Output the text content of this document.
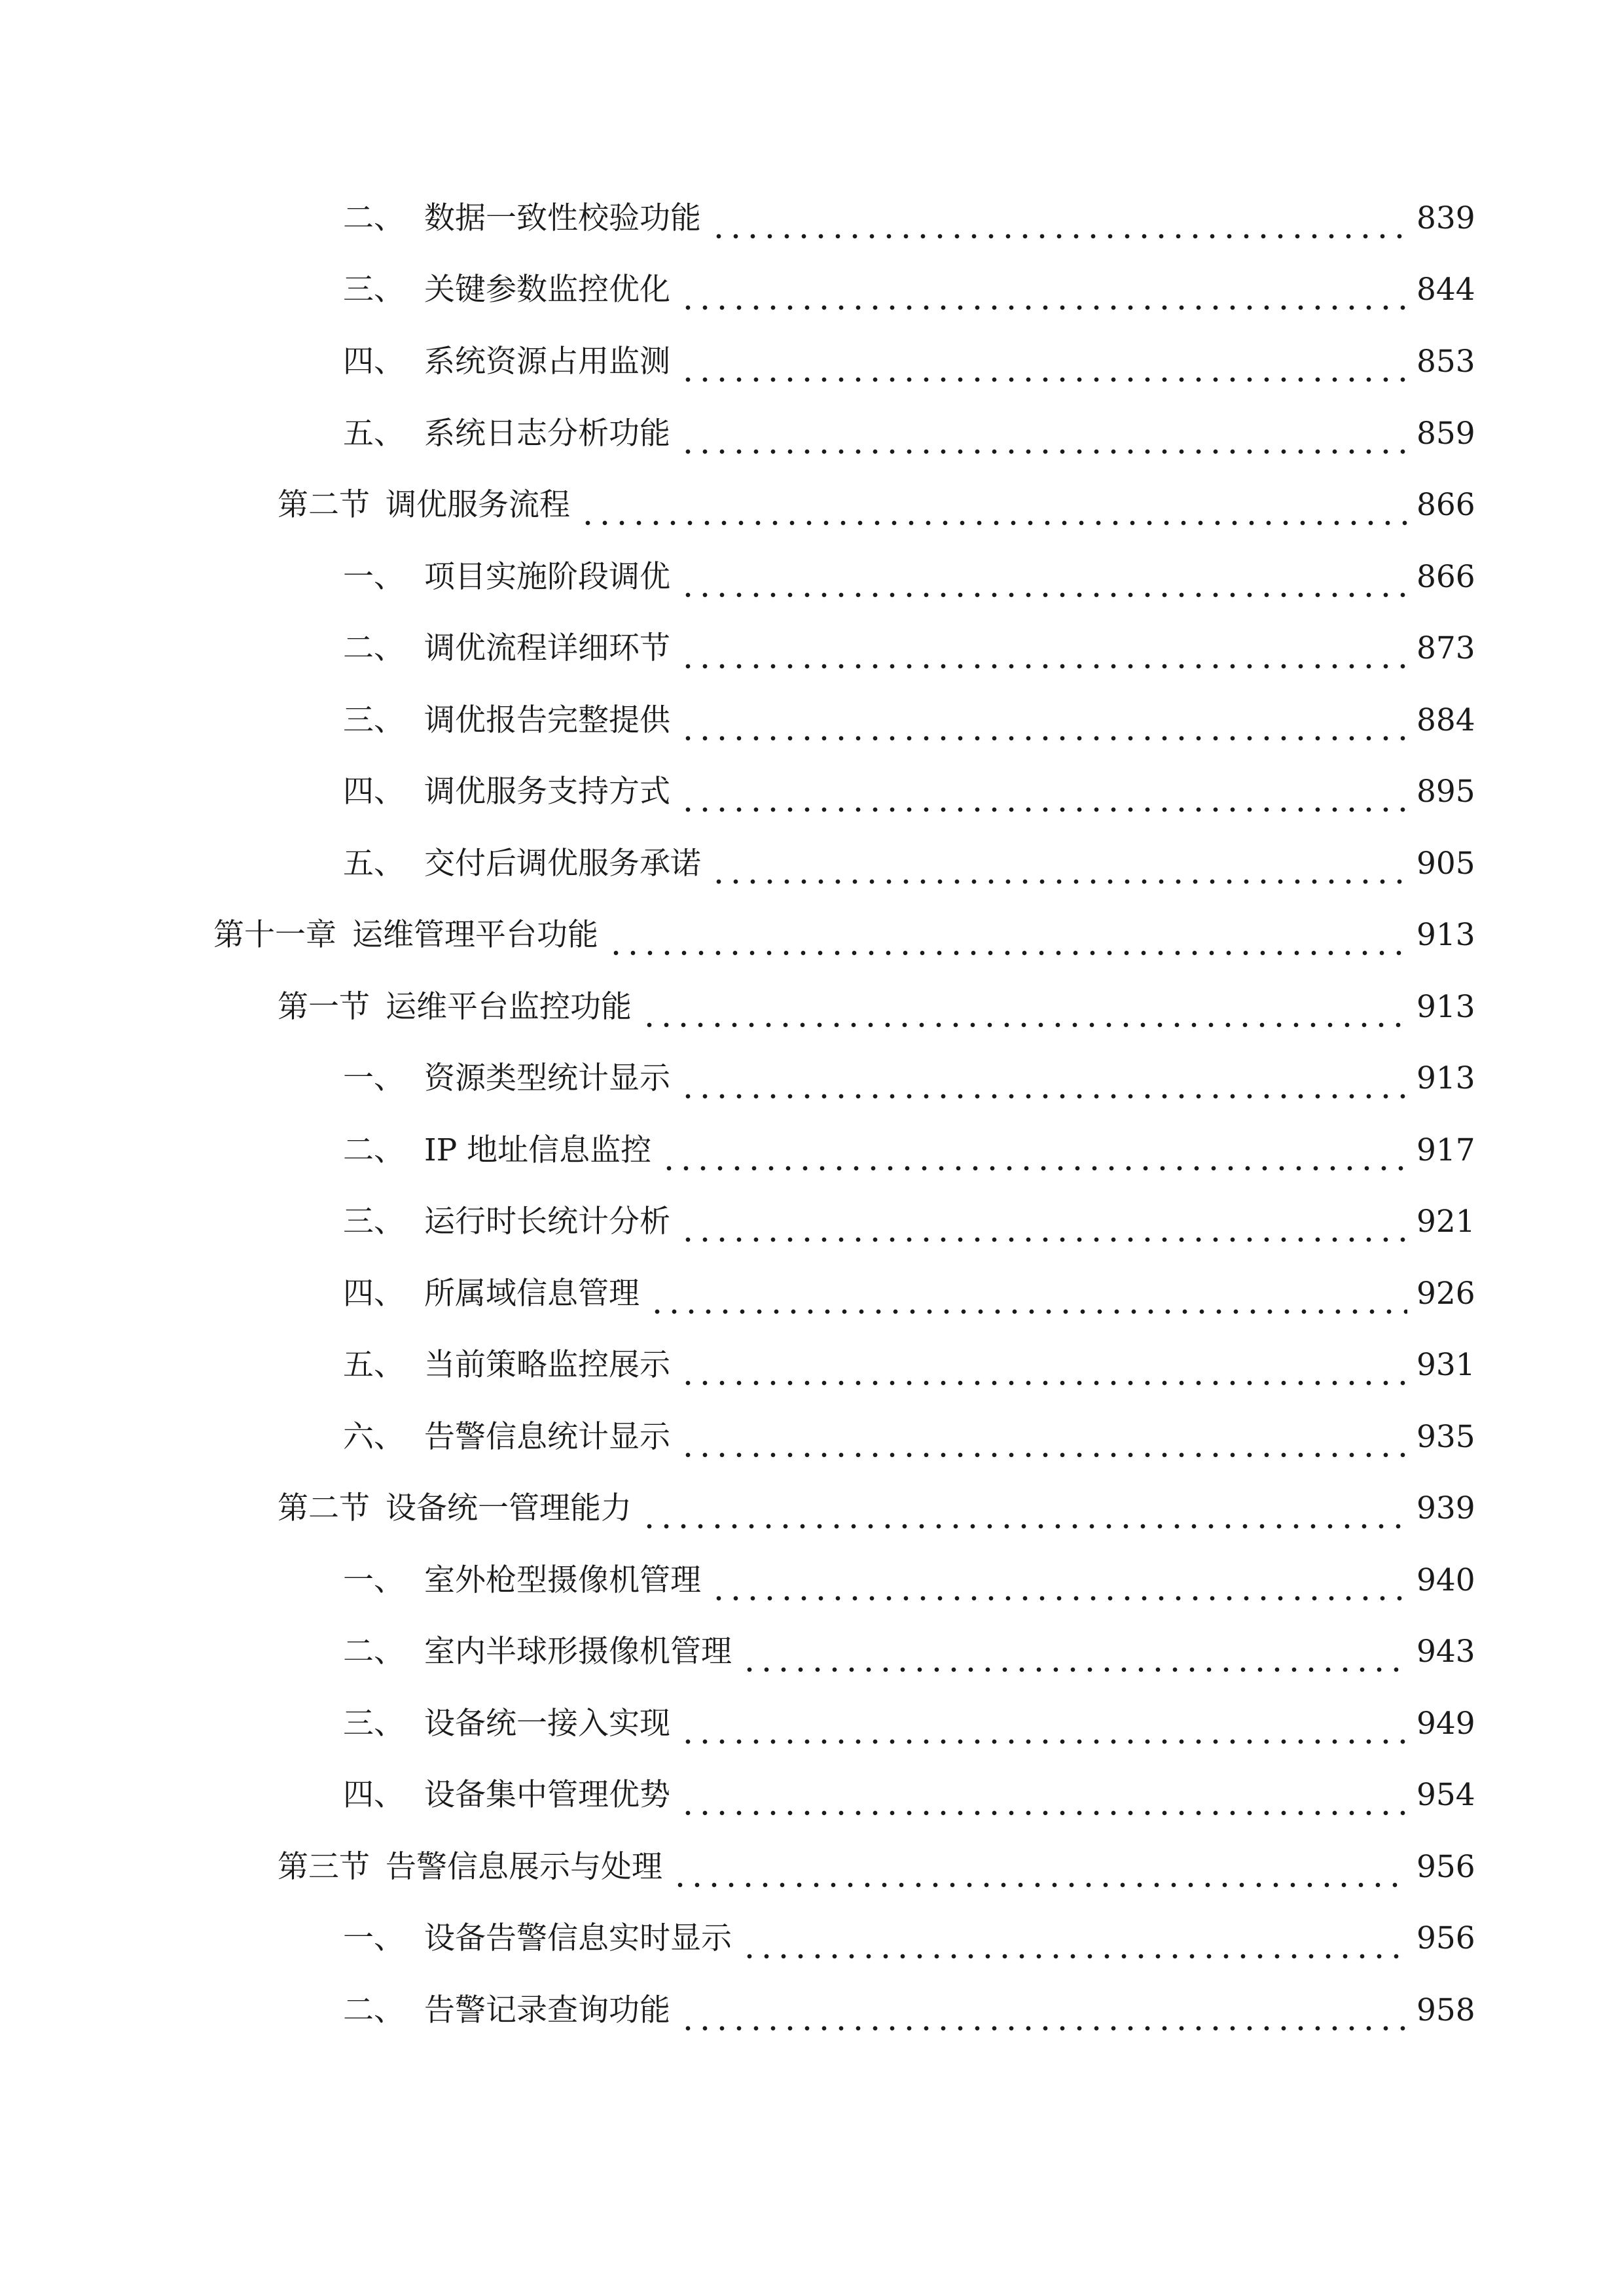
二、 数据一致性校验功能	839
三、 关键参数监控优化	844
四、 系统资源占用监测	853
五、 系统日志分析功能	859
第二节 调优服务流程	866
一、 项目实施阶段调优	866
二、 调优流程详细环节	873
三、 调优报告完整提供	884
四、 调优服务支持方式	895
五、 交付后调优服务承诺	905
第十一章 运维管理平台功能	913
第一节 运维平台监控功能	913
一、 资源类型统计显示	913
二、 IP 地址信息监控	917
三、 运行时长统计分析	921
四、 所属域信息管理	926
五、 当前策略监控展示	931
六、 告警信息统计显示	935
第二节 设备统一管理能力	939
一、 室外枪型摄像机管理	940
二、 室内半球形摄像机管理	943
三、 设备统一接入实现	949
四、 设备集中管理优势	954
第三节 告警信息展示与处理	956
一、 设备告警信息实时显示	956
二、 告警记录查询功能	958
